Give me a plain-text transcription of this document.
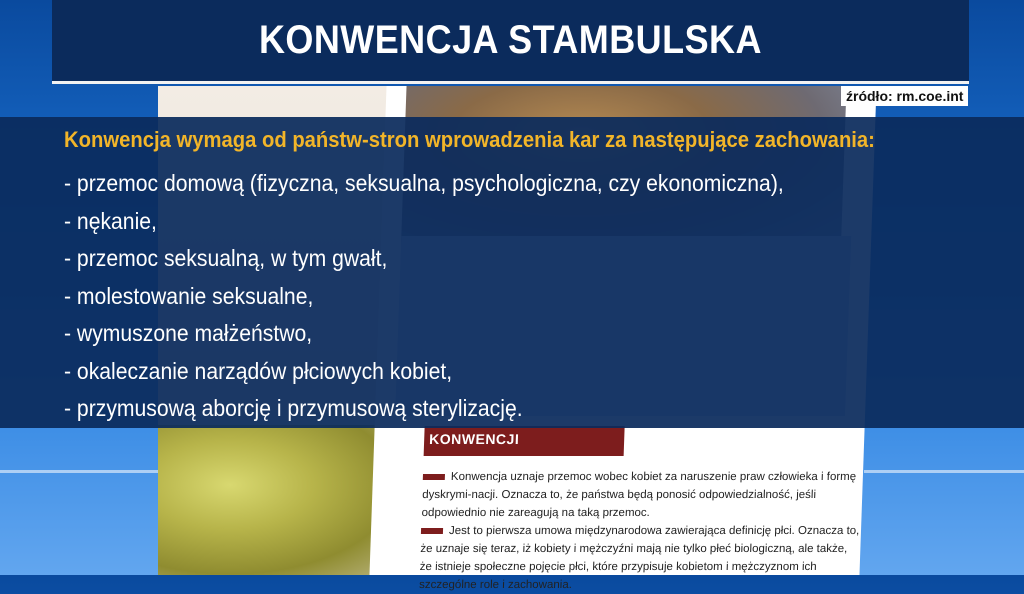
KONWENCJI
Konwencja uznaje przemoc wobec kobiet za naruszenie praw człowieka i formę dyskrymi-nacji. Oznacza to, że państwa będą ponosić odpowiedzialność, jeśli odpowiednio nie zareagują na taką przemoc.
Jest to pierwsza umowa międzynarodowa zawierająca definicję płci. Oznacza to, że uznaje się teraz, iż kobiety i mężczyźni mają nie tylko płeć biologiczną, ale także, że istnieje społeczne pojęcie płci, które przypisuje kobietom i mężczyznom ich szczególne role i zachowania.
KONWENCJA STAMBULSKA
źródło: rm.coe.int
Konwencja wymaga od państw-stron wprowadzenia kar za następujące zachowania:
- przemoc domową (fizyczna, seksualna, psychologiczna, czy ekonomiczna),
- nękanie,
- przemoc seksualną, w tym gwałt,
- molestowanie seksualne,
- wymuszone małżeństwo,
- okaleczanie narządów płciowych kobiet,
- przymusową aborcję i przymusową sterylizację.
